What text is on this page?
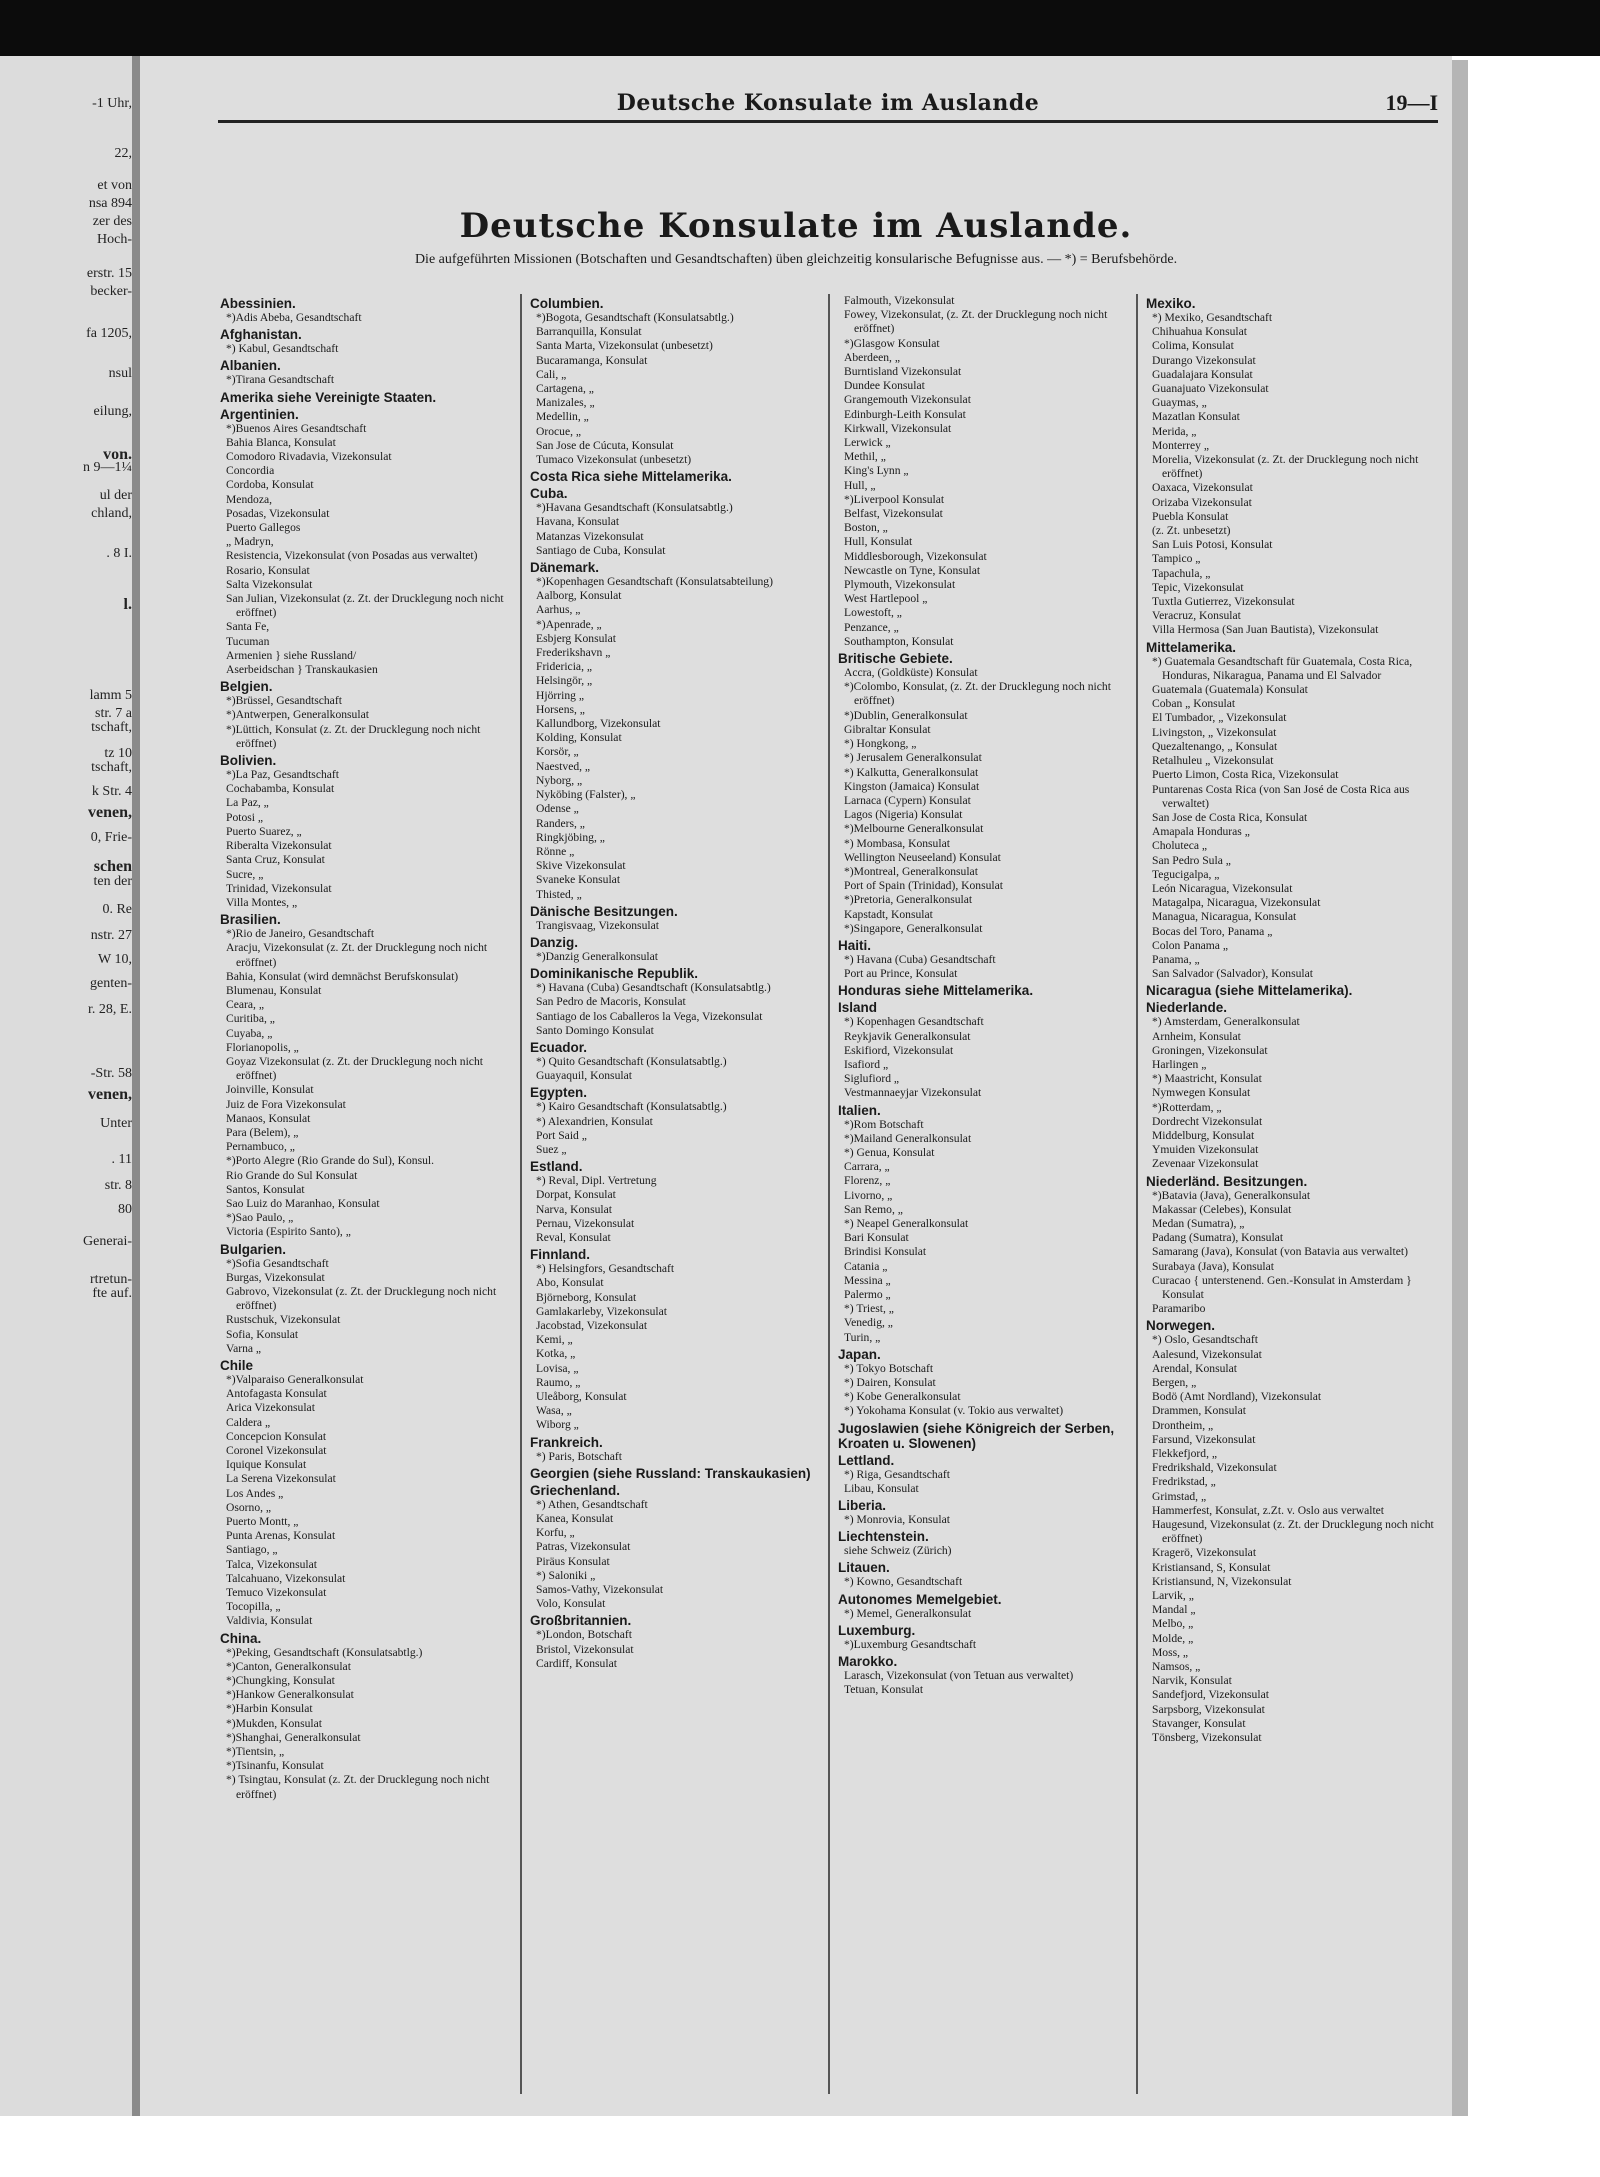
-1 Uhr,
22,
et von
nsa 894
zer des
Hoch-
erstr. 15
becker-
fa 1205,
nsul
eilung,
von.
n 9—1¼
ul der
chland,
. 8 I.
l.
lamm 5
str. 7 a
tschaft,
tz 10
tschaft,
k Str. 4
venen,
0, Frie-
schen
ten der
0. Re
nstr. 27
W 10,
genten-
r. 28, E.
-Str. 58
venen,
Unter
. 11
str. 8
80
Generai-
rtretun-
fte auf.
Deutsche Konsulate im Auslande	19—I
Deutsche Konsulate im Auslande.
Die aufgeführten Missionen (Botschaften und Gesandtschaften) üben gleichzeitig konsularische Befugnisse aus. — *) = Berufsbehörde.
Abessinien.
*)Adis Abeba, Gesandtschaft
Afghanistan.
*) Kabul, Gesandtschaft
Albanien.
*)Tirana Gesandtschaft
Amerika siehe Vereinigte Staaten.
Argentinien.
*)Buenos Aires Gesandtschaft
Bahia Blanca, Konsulat
Comodoro Rivadavia, Vizekonsulat
Concordia
Cordoba, Konsulat
Mendoza,
Posadas, Vizekonsulat
Puerto Gallegos
„ Madryn,
Resistencia, Vizekonsulat (von Posadas aus verwaltet)
Rosario, Konsulat
Salta Vizekonsulat
San Julian, Vizekonsulat (z. Zt. der Drucklegung noch nicht eröffnet)
Santa Fe,
Tucuman
Armenien } siehe Russland/
Aserbeidschan } Transkaukasien
Belgien.
*)Brüssel, Gesandtschaft
*)Antwerpen, Generalkonsulat
*)Lüttich, Konsulat (z. Zt. der Drucklegung noch nicht eröffnet)
Bolivien.
*)La Paz, Gesandtschaft
Cochabamba, Konsulat
La Paz, „
Potosi „
Puerto Suarez, „
Riberalta Vizekonsulat
Santa Cruz, Konsulat
Sucre, „
Trinidad, Vizekonsulat
Villa Montes, „
Brasilien.
*)Rio de Janeiro, Gesandtschaft
Aracju, Vizekonsulat (z. Zt. der Drucklegung noch nicht eröffnet)
Bahia, Konsulat (wird demnächst Berufskonsulat)
Blumenau, Konsulat
Ceara, „
Curitiba, „
Cuyaba, „
Florianopolis, „
Goyaz Vizekonsulat (z. Zt. der Drucklegung noch nicht eröffnet)
Joinville, Konsulat
Juiz de Fora Vizekonsulat
Manaos, Konsulat
Para (Belem), „
Pernambuco, „
*)Porto Alegre (Rio Grande do Sul), Konsul.
Rio Grande do Sul Konsulat
Santos, Konsulat
Sao Luiz do Maranhao, Konsulat
*)Sao Paulo, „
Victoria (Espirito Santo), „
Bulgarien.
*)Sofia Gesandtschaft
Burgas, Vizekonsulat
Gabrovo, Vizekonsulat (z. Zt. der Drucklegung noch nicht eröffnet)
Rustschuk, Vizekonsulat
Sofia, Konsulat
Varna „
Chile
*)Valparaiso Generalkonsulat
Antofagasta Konsulat
Arica Vizekonsulat
Caldera „
Concepcion Konsulat
Coronel Vizekonsulat
Iquique Konsulat
La Serena Vizekonsulat
Los Andes „
Osorno, „
Puerto Montt, „
Punta Arenas, Konsulat
Santiago, „
Talca, Vizekonsulat
Talcahuano, Vizekonsulat
Temuco Vizekonsulat
Tocopilla, „
Valdivia, Konsulat
China.
*)Peking, Gesandtschaft (Konsulatsabtlg.)
*)Canton, Generalkonsulat
*)Chungking, Konsulat
*)Hankow Generalkonsulat
*)Harbin Konsulat
*)Mukden, Konsulat
*)Shanghai, Generalkonsulat
*)Tientsin, „
*)Tsinanfu, Konsulat
*) Tsingtau, Konsulat (z. Zt. der Drucklegung noch nicht eröffnet)
Columbien.
*)Bogota, Gesandtschaft (Konsulatsabtlg.)
Barranquilla, Konsulat
Santa Marta, Vizekonsulat (unbesetzt)
Bucaramanga, Konsulat
Cali, „
Cartagena, „
Manizales, „
Medellin, „
Orocue, „
San Jose de Cúcuta, Konsulat
Tumaco Vizekonsulat (unbesetzt)
Costa Rica siehe Mittelamerika.
Cuba.
*)Havana Gesandtschaft (Konsulatsabtlg.)
Havana, Konsulat
Matanzas Vizekonsulat
Santiago de Cuba, Konsulat
Dänemark.
*)Kopenhagen Gesandtschaft (Konsulatsabteilung)
Aalborg, Konsulat
Aarhus, „
*)Apenrade, „
Esbjerg Konsulat
Frederikshavn „
Fridericia, „
Helsingör, „
Hjörring „
Horsens, „
Kallundborg, Vizekonsulat
Kolding, Konsulat
Korsör, „
Naestved, „
Nyborg, „
Nyköbing (Falster), „
Odense „
Randers, „
Ringkjöbing, „
Rönne „
Skive Vizekonsulat
Svaneke Konsulat
Thisted, „
Dänische Besitzungen.
Trangisvaag, Vizekonsulat
Danzig.
*)Danzig Generalkonsulat
Dominikanische Republik.
*) Havana (Cuba) Gesandtschaft (Konsulatsabtlg.)
San Pedro de Macoris, Konsulat
Santiago de los Caballeros la Vega, Vizekonsulat
Santo Domingo Konsulat
Ecuador.
*) Quito Gesandtschaft (Konsulatsabtlg.)
Guayaquil, Konsulat
Egypten.
*) Kairo Gesandtschaft (Konsulatsabtlg.)
*) Alexandrien, Konsulat
Port Said „
Suez „
Estland.
*) Reval, Dipl. Vertretung
Dorpat, Konsulat
Narva, Konsulat
Pernau, Vizekonsulat
Reval, Konsulat
Finnland.
*) Helsingfors, Gesandtschaft
Abo, Konsulat
Björneborg, Konsulat
Gamlakarleby, Vizekonsulat
Jacobstad, Vizekonsulat
Kemi, „
Kotka, „
Lovisa, „
Raumo, „
Uleåborg, Konsulat
Wasa, „
Wiborg „
Frankreich.
*) Paris, Botschaft
Georgien (siehe Russland: Transkaukasien)
Griechenland.
*) Athen, Gesandtschaft
Kanea, Konsulat
Korfu, „
Patras, Vizekonsulat
Piräus Konsulat
*) Saloniki „
Samos-Vathy, Vizekonsulat
Volo, Konsulat
Großbritannien.
*)London, Botschaft
Bristol, Vizekonsulat
Cardiff, Konsulat
Falmouth, Vizekonsulat
Fowey, Vizekonsulat, (z. Zt. der Drucklegung noch nicht eröffnet)
*)Glasgow Konsulat
Aberdeen, „
Burntisland Vizekonsulat
Dundee Konsulat
Grangemouth Vizekonsulat
Edinburgh-Leith Konsulat
Kirkwall, Vizekonsulat
Lerwick „
Methil, „
King's Lynn „
Hull, „
*)Liverpool Konsulat
Belfast, Vizekonsulat
Boston, „
Hull, Konsulat
Middlesborough, Vizekonsulat
Newcastle on Tyne, Konsulat
Plymouth, Vizekonsulat
West Hartlepool „
Lowestoft, „
Penzance, „
Southampton, Konsulat
Britische Gebiete.
Accra, (Goldküste) Konsulat
*)Colombo, Konsulat, (z. Zt. der Drucklegung noch nicht eröffnet)
*)Dublin, Generalkonsulat
Gibraltar Konsulat
*) Hongkong, „
*) Jerusalem Generalkonsulat
*) Kalkutta, Generalkonsulat
Kingston (Jamaica) Konsulat
Larnaca (Cypern) Konsulat
Lagos (Nigeria) Konsulat
*)Melbourne Generalkonsulat
*) Mombasa, Konsulat
Wellington Neuseeland) Konsulat
*)Montreal, Generalkonsulat
Port of Spain (Trinidad), Konsulat
*)Pretoria, Generalkonsulat
Kapstadt, Konsulat
*)Singapore, Generalkonsulat
Haiti.
*) Havana (Cuba) Gesandtschaft
Port au Prince, Konsulat
Honduras siehe Mittelamerika.
Island
*) Kopenhagen Gesandtschaft
Reykjavik Generalkonsulat
Eskifiord, Vizekonsulat
Isafiord „
Siglufiord „
Vestmannaeyjar Vizekonsulat
Italien.
*)Rom Botschaft
*)Mailand Generalkonsulat
*) Genua, Konsulat
Carrara, „
Florenz, „
Livorno, „
San Remo, „
*) Neapel Generalkonsulat
Bari Konsulat
Brindisi Konsulat
Catania „
Messina „
Palermo „
*) Triest, „
Venedig, „
Turin, „
Japan.
*) Tokyo Botschaft
*) Dairen, Konsulat
*) Kobe Generalkonsulat
*) Yokohama Konsulat (v. Tokio aus verwaltet)
Jugoslawien (siehe Königreich der Serben, Kroaten u. Slowenen)
Lettland.
*) Riga, Gesandtschaft
Libau, Konsulat
Liberia.
*) Monrovia, Konsulat
Liechtenstein.
siehe Schweiz (Zürich)
Litauen.
*) Kowno, Gesandtschaft
Autonomes Memelgebiet.
*) Memel, Generalkonsulat
Luxemburg.
*)Luxemburg Gesandtschaft
Marokko.
Larasch, Vizekonsulat (von Tetuan aus verwaltet)
Tetuan, Konsulat
Mexiko.
*) Mexiko, Gesandtschaft
Chihuahua Konsulat
Colima, Konsulat
Durango Vizekonsulat
Guadalajara Konsulat
Guanajuato Vizekonsulat
Guaymas, „
Mazatlan Konsulat
Merida, „
Monterrey „
Morelia, Vizekonsulat (z. Zt. der Drucklegung noch nicht eröffnet)
Oaxaca, Vizekonsulat
Orizaba Vizekonsulat
Puebla Konsulat
(z. Zt. unbesetzt)
San Luis Potosi, Konsulat
Tampico „
Tapachula, „
Tepic, Vizekonsulat
Tuxtla Gutierrez, Vizekonsulat
Veracruz, Konsulat
Villa Hermosa (San Juan Bautista), Vizekonsulat
Mittelamerika.
*) Guatemala Gesandtschaft für Guatemala, Costa Rica, Honduras, Nikaragua, Panama und El Salvador
Guatemala (Guatemala) Konsulat
Coban „ Konsulat
El Tumbador, „ Vizekonsulat
Livingston, „ Vizekonsulat
Quezaltenango, „ Konsulat
Retalhuleu „ Vizekonsulat
Puerto Limon, Costa Rica, Vizekonsulat
Puntarenas Costa Rica (von San José de Costa Rica aus verwaltet)
San Jose de Costa Rica, Konsulat
Amapala Honduras „
Choluteca „
San Pedro Sula „
Tegucigalpa, „
León Nicaragua, Vizekonsulat
Matagalpa, Nicaragua, Vizekonsulat
Managua, Nicaragua, Konsulat
Bocas del Toro, Panama „
Colon Panama „
Panama, „
San Salvador (Salvador), Konsulat
Nicaragua (siehe Mittelamerika).
Niederlande.
*) Amsterdam, Generalkonsulat
Arnheim, Konsulat
Groningen, Vizekonsulat
Harlingen „
*) Maastricht, Konsulat
Nymwegen Konsulat
*)Rotterdam, „
Dordrecht Vizekonsulat
Middelburg, Konsulat
Ymuiden Vizekonsulat
Zevenaar Vizekonsulat
Niederländ. Besitzungen.
*)Batavia (Java), Generalkonsulat
Makassar (Celebes), Konsulat
Medan (Sumatra), „
Padang (Sumatra), Konsulat
Samarang (Java), Konsulat (von Batavia aus verwaltet)
Surabaya (Java), Konsulat
Curacao { unterstenend. Gen.-Konsulat in Amsterdam } Konsulat
Paramaribo
Norwegen.
*) Oslo, Gesandtschaft
Aalesund, Vizekonsulat
Arendal, Konsulat
Bergen, „
Bodö (Amt Nordland), Vizekonsulat
Drammen, Konsulat
Drontheim, „
Farsund, Vizekonsulat
Flekkefjord, „
Fredrikshald, Vizekonsulat
Fredrikstad, „
Grimstad, „
Hammerfest, Konsulat, z.Zt. v. Oslo aus verwaltet
Haugesund, Vizekonsulat (z. Zt. der Drucklegung noch nicht eröffnet)
Kragerö, Vizekonsulat
Kristiansand, S, Konsulat
Kristiansund, N, Vizekonsulat
Larvik, „
Mandal „
Melbo, „
Molde, „
Moss, „
Namsos, „
Narvik, Konsulat
Sandefjord, Vizekonsulat
Sarpsborg, Vizekonsulat
Stavanger, Konsulat
Tönsberg, Vizekonsulat
